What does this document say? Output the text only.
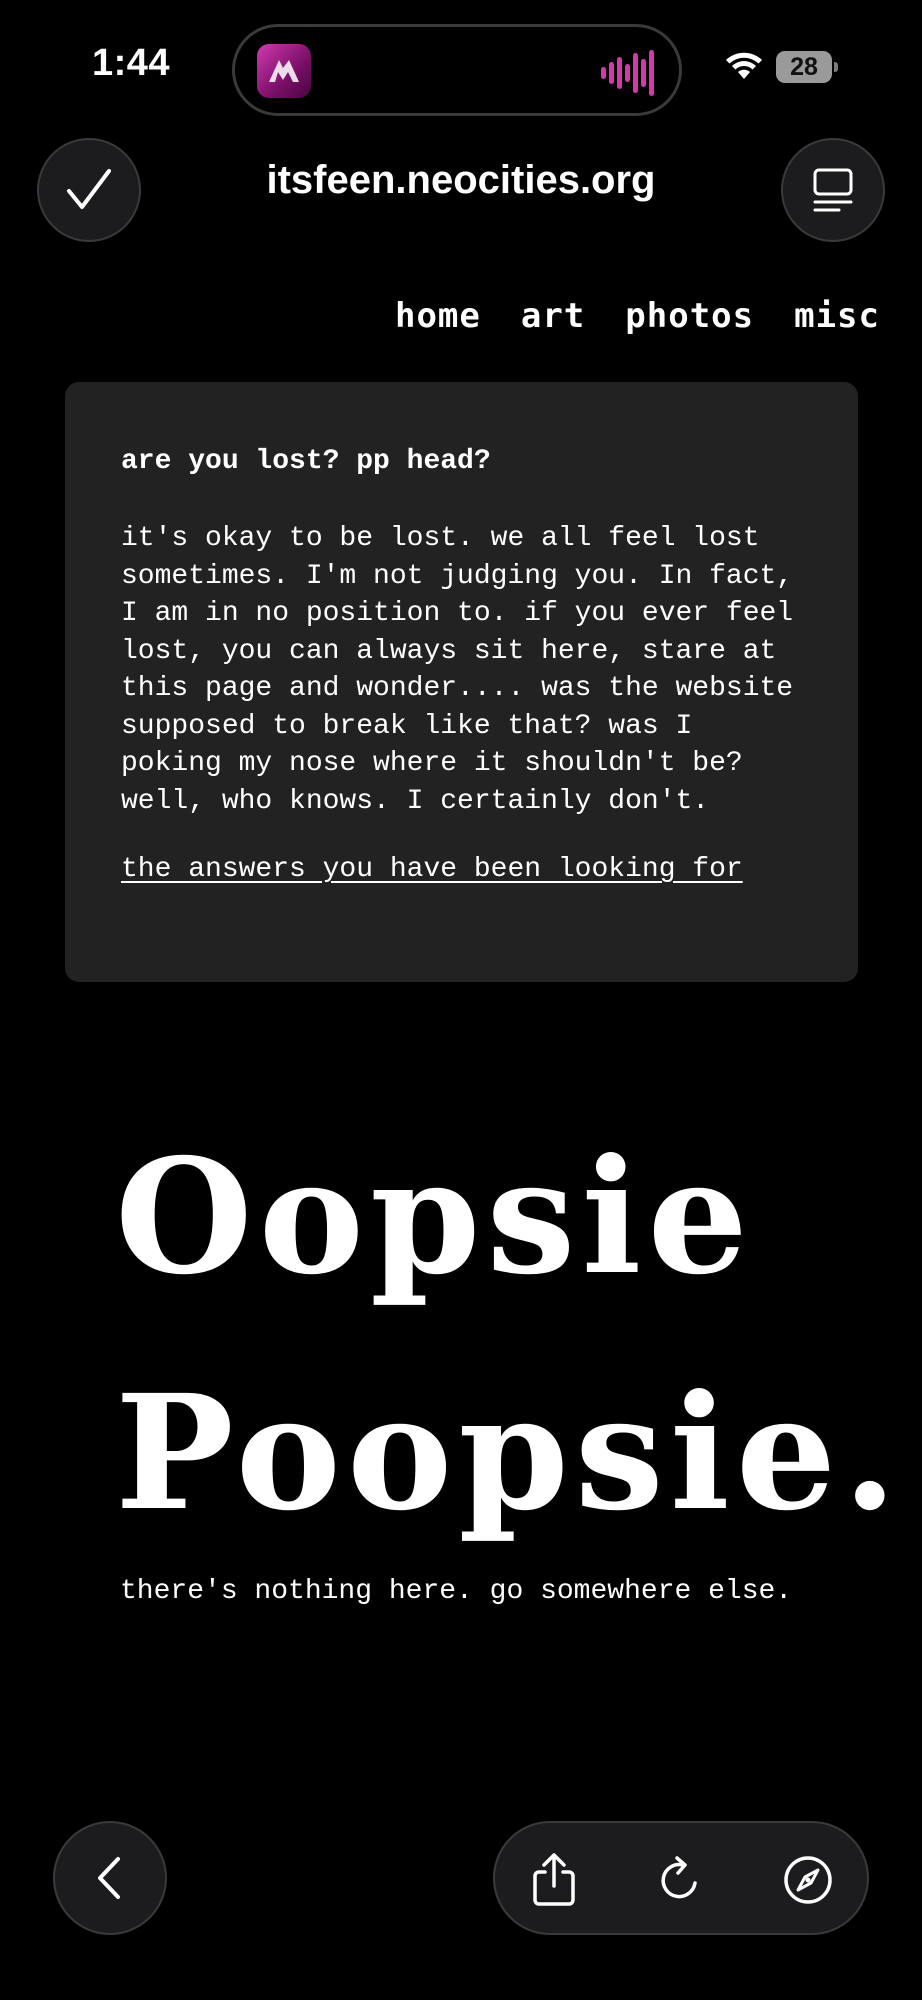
1:44	28
itsfeen.neocities.org
home art photos misc
are you lost? pp head?
it's okay to be lost. we all feel lost sometimes. I'm not judging you. In fact, I am in no position to. if you ever feel lost, you can always sit here, stare at this page and wonder.... was the website supposed to break like that? was I poking my nose where it shouldn't be? well, who knows. I certainly don't.
the answers you have been looking for
Oopsie
Poopsie.
there's nothing here. go somewhere else.
